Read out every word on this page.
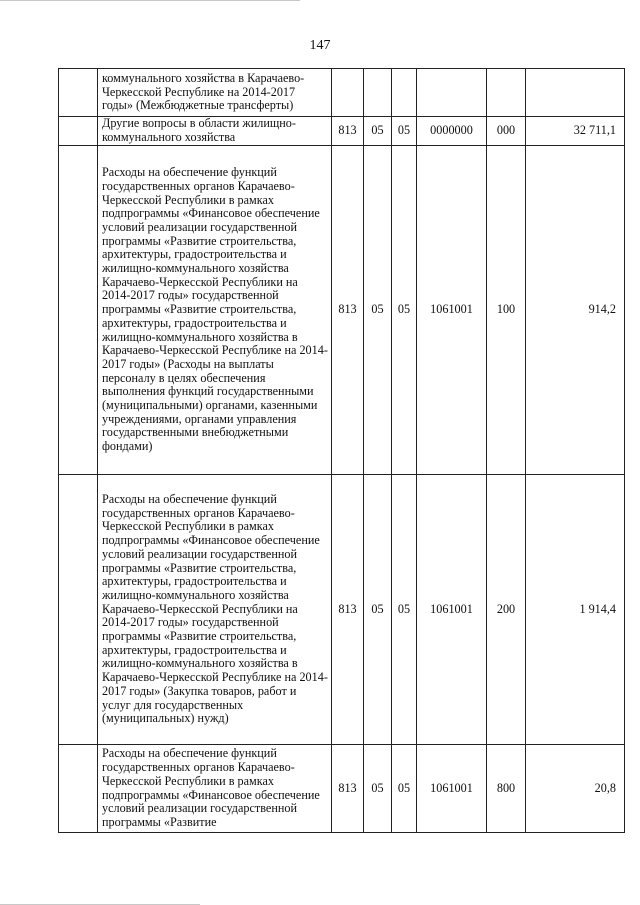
147
	коммунального хозяйства в Карачаево-Черкесской Республике на 2014-2017 годы» (Межбюджетные трансферты)						
	Другие вопросы в области жилищно-коммунального хозяйства	813	05	05	0000000	000	32 711,1
	Расходы на обеспечение функций государственных органов Карачаево-Черкесской Республики в рамках подпрограммы «Финансовое обеспечение условий реализации государственной программы «Развитие строительства, архитектуры, градостроительства и жилищно-коммунального хозяйства Карачаево-Черкесской Республики на 2014-2017 годы» государственной программы «Развитие строительства, архитектуры, градостроительства и жилищно-коммунального хозяйства в Карачаево-Черкесской Республике на 2014-2017 годы» (Расходы на выплаты персоналу в целях обеспечения выполнения функций государственными (муниципальными) органами, казенными учреждениями, органами управления государственными внебюджетными фондами)	813	05	05	1061001	100	914,2
	Расходы на обеспечение функций государственных органов Карачаево-Черкесской Республики в рамках подпрограммы «Финансовое обеспечение условий реализации государственной программы «Развитие строительства, архитектуры, градостроительства и жилищно-коммунального хозяйства Карачаево-Черкесской Республики на 2014-2017 годы» государственной программы «Развитие строительства, архитектуры, градостроительства и жилищно-коммунального хозяйства в Карачаево-Черкесской Республике на 2014-2017 годы» (Закупка товаров, работ и услуг для государственных (муниципальных) нужд)	813	05	05	1061001	200	1 914,4
	Расходы на обеспечение функций государственных органов Карачаево-Черкесской Республики в рамках подпрограммы «Финансовое обеспечение условий реализации государственной программы «Развитие	813	05	05	1061001	800	20,8
